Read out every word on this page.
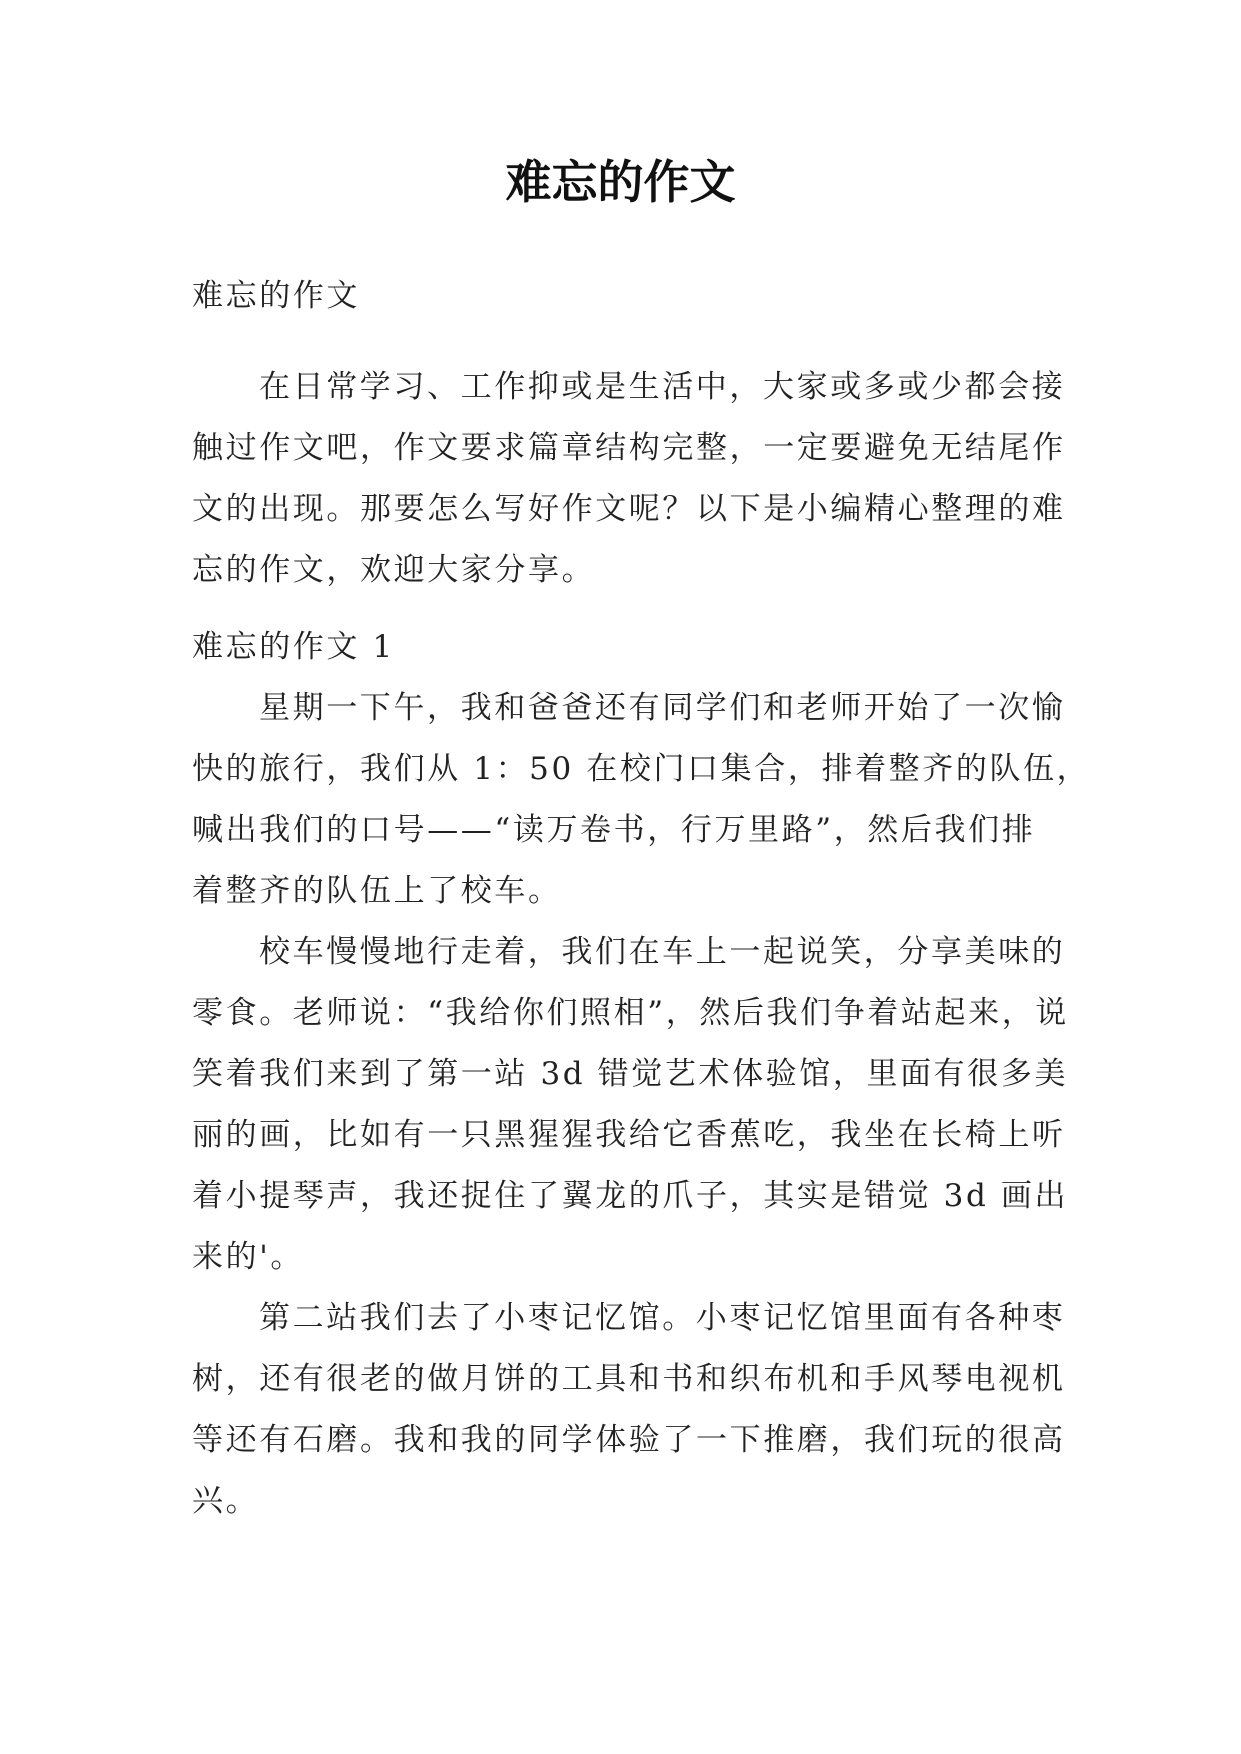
难忘的作文
难忘的作文
在日常学习、工作抑或是生活中，大家或多或少都会接
触过作文吧，作文要求篇章结构完整，一定要避免无结尾作
文的出现。那要怎么写好作文呢？以下是小编精心整理的难
忘的作文，欢迎大家分享。
难忘的作文 1
星期一下午，我和爸爸还有同学们和老师开始了一次愉
快的旅行，我们从 1：50 在校门口集合，排着整齐的队伍，
喊出我们的口号——“读万卷书，行万里路”，然后我们排
着整齐的队伍上了校车。
校车慢慢地行走着，我们在车上一起说笑，分享美味的
零食。老师说：“我给你们照相”，然后我们争着站起来，说
笑着我们来到了第一站 3d 错觉艺术体验馆，里面有很多美
丽的画，比如有一只黑猩猩我给它香蕉吃，我坐在长椅上听
着小提琴声，我还捉住了翼龙的爪子，其实是错觉 3d 画出
来的'。
第二站我们去了小枣记忆馆。小枣记忆馆里面有各种枣
树，还有很老的做月饼的工具和书和织布机和手风琴电视机
等还有石磨。我和我的同学体验了一下推磨，我们玩的很高
兴。
